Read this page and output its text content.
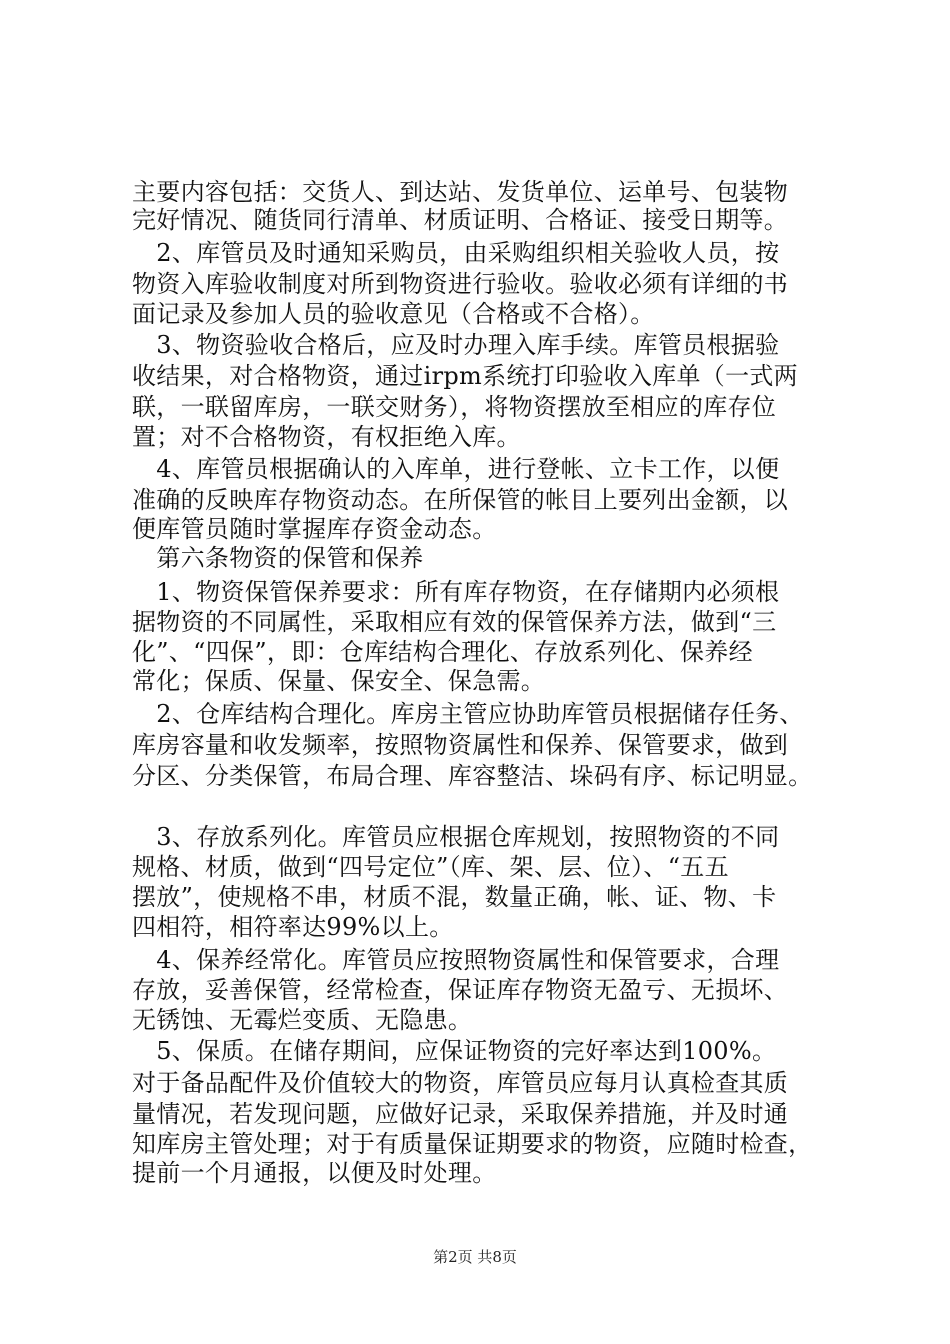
主要内容包括：交货人、到达站、发货单位、运单号、包装物
完好情况、随货同行清单、材质证明、合格证、接受日期等。
　2、库管员及时通知采购员，由采购组织相关验收人员，按
物资入库验收制度对所到物资进行验收。验收必须有详细的书
面记录及参加人员的验收意见（合格或不合格）。
　3、物资验收合格后，应及时办理入库手续。库管员根据验
收结果，对合格物资，通过irpm系统打印验收入库单（一式两
联，一联留库房，一联交财务），将物资摆放至相应的库存位
置；对不合格物资，有权拒绝入库。
　4、库管员根据确认的入库单，进行登帐、立卡工作，以便
准确的反映库存物资动态。在所保管的帐目上要列出金额，以
便库管员随时掌握库存资金动态。
　第六条物资的保管和保养
　1、物资保管保养要求：所有库存物资，在存储期内必须根
据物资的不同属性，采取相应有效的保管保养方法，做到“三
化”、“四保”，即：仓库结构合理化、存放系列化、保养经
常化；保质、保量、保安全、保急需。
　2、仓库结构合理化。库房主管应协助库管员根据储存任务、
库房容量和收发频率，按照物资属性和保养、保管要求，做到
分区、分类保管，布局合理、库容整洁、垛码有序、标记明显。
　3、存放系列化。库管员应根据仓库规划，按照物资的不同
规格、材质，做到“四号定位”（库、架、层、位）、“五五
摆放”，使规格不串，材质不混，数量正确，帐、证、物、卡
四相符，相符率达99%以上。
　4、保养经常化。库管员应按照物资属性和保管要求，合理
存放，妥善保管，经常检查，保证库存物资无盈亏、无损坏、
无锈蚀、无霉烂变质、无隐患。
　5、保质。在储存期间，应保证物资的完好率达到100%。
对于备品配件及价值较大的物资，库管员应每月认真检查其质
量情况，若发现问题，应做好记录，采取保养措施，并及时通
知库房主管处理；对于有质量保证期要求的物资，应随时检查，
提前一个月通报，以便及时处理。
第2页 共8页
